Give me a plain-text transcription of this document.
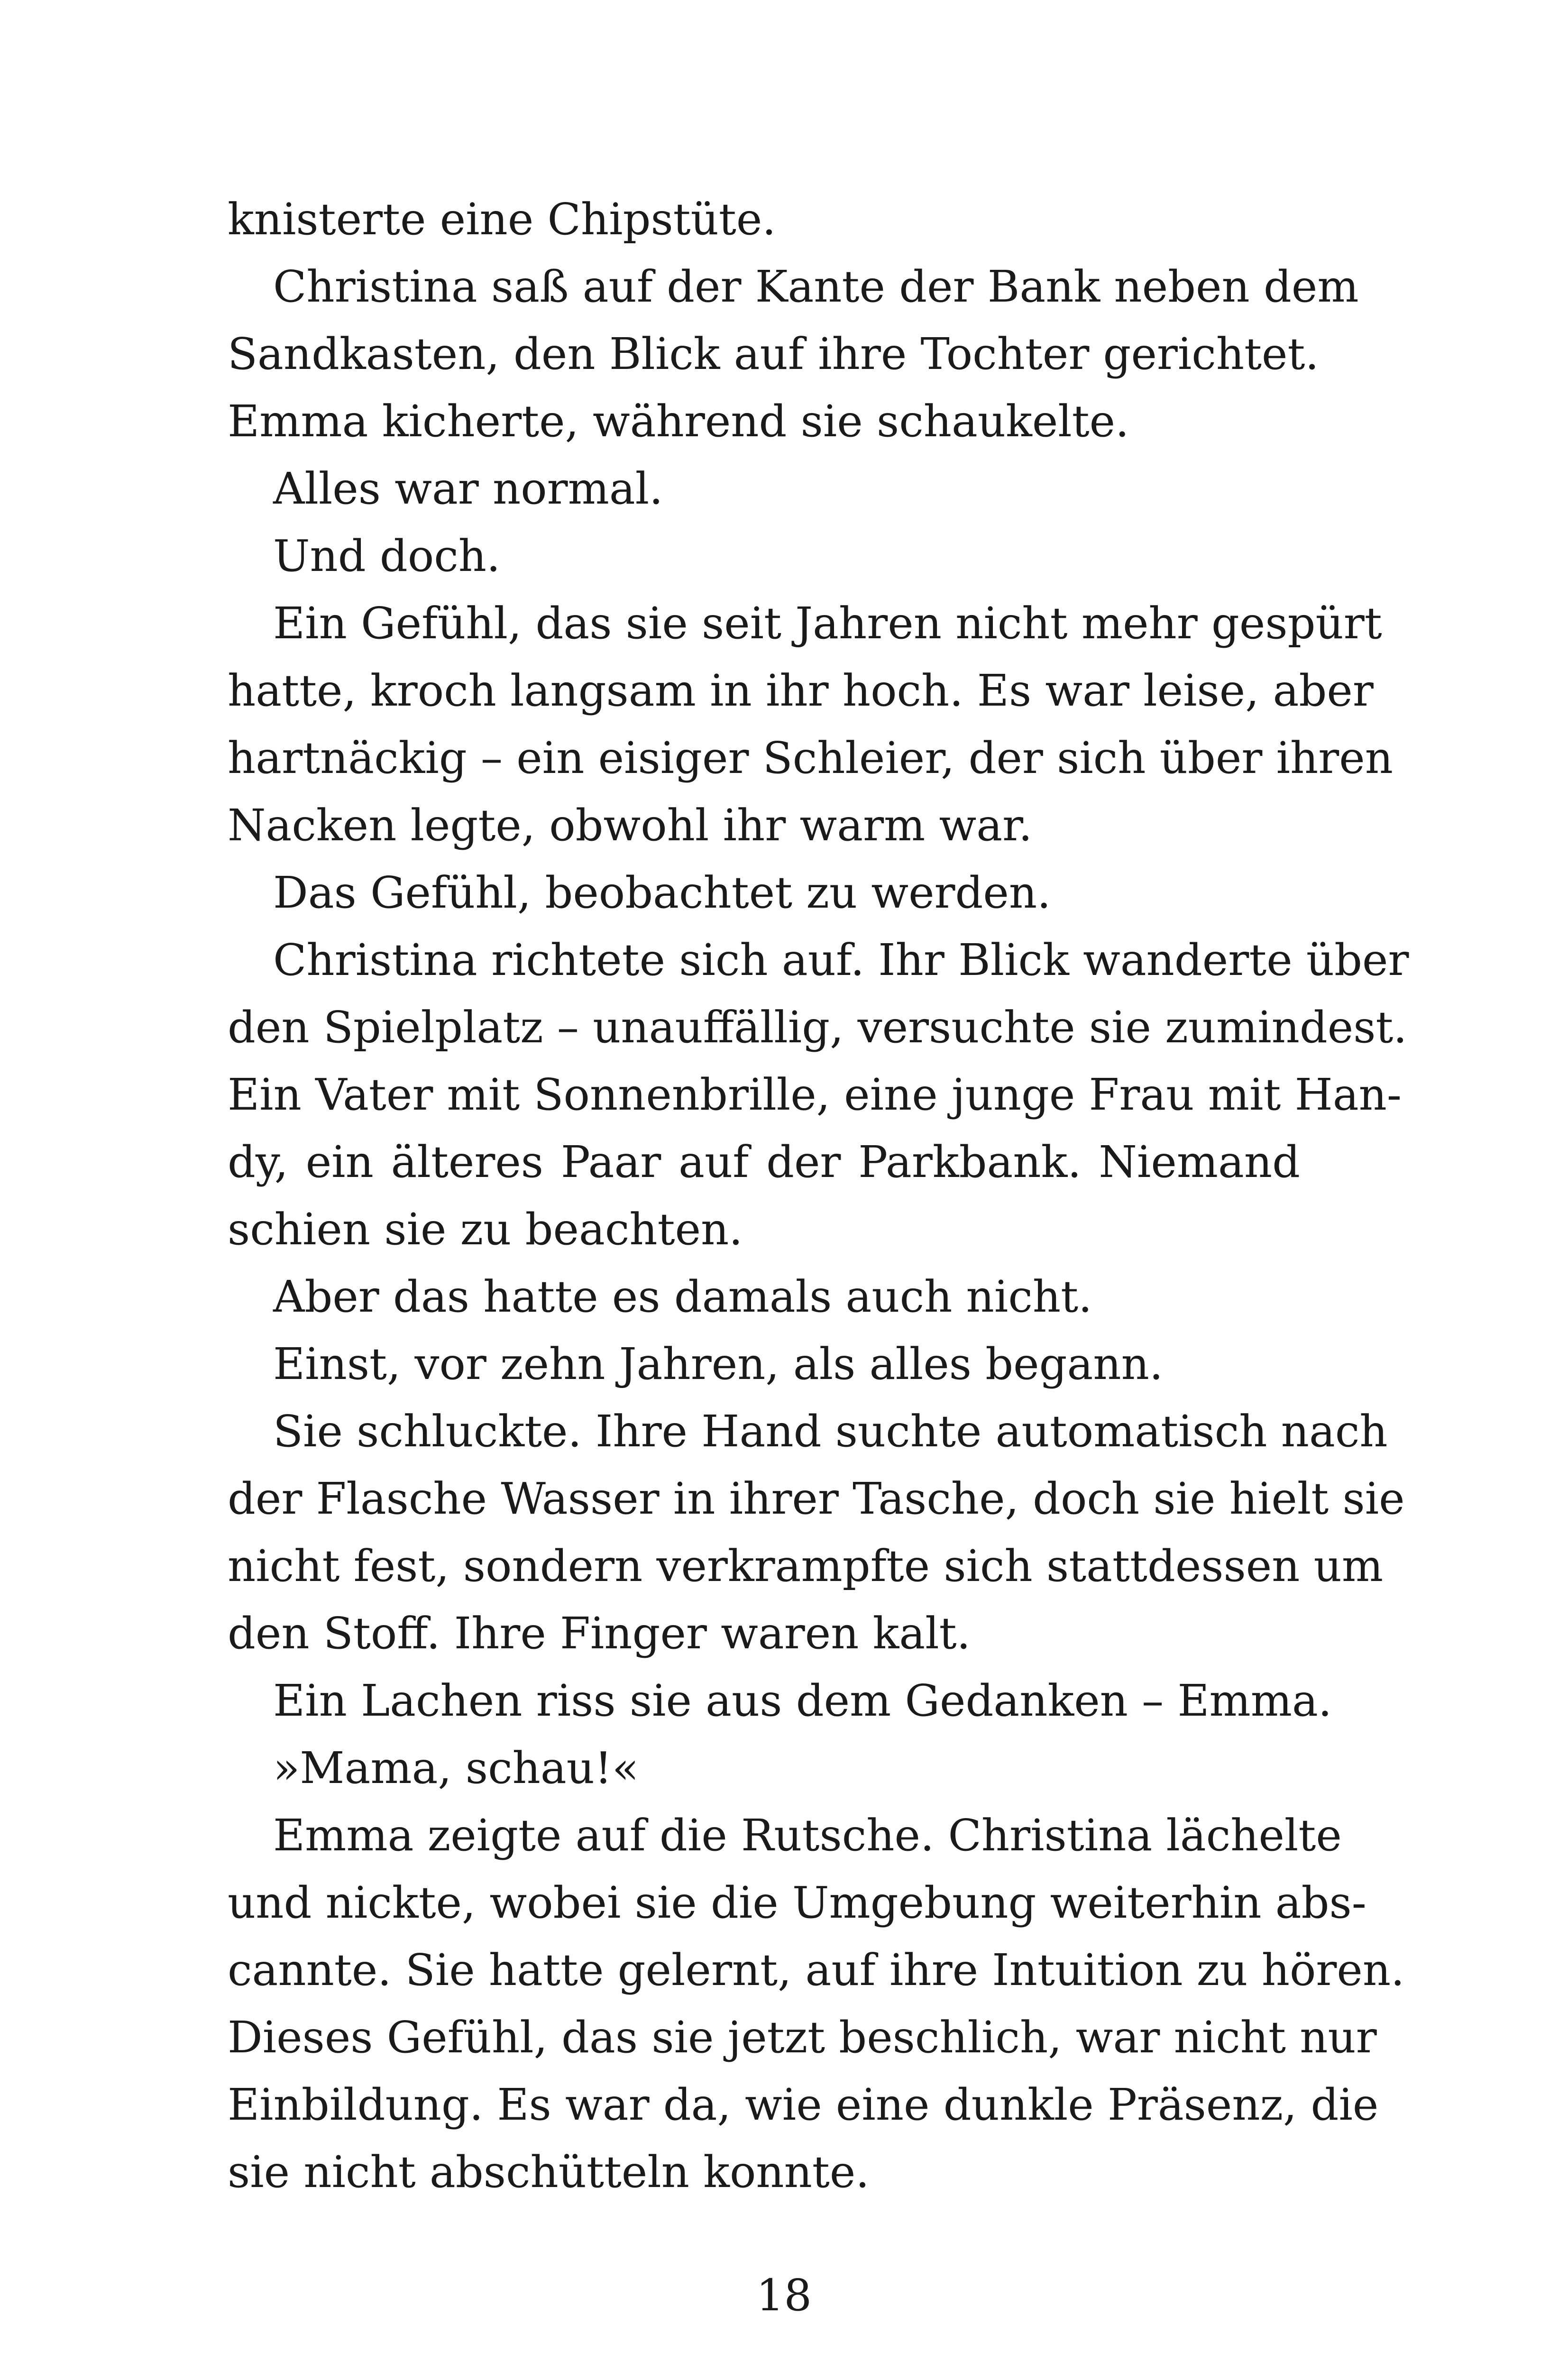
knisterte eine Chipstüte.
Christina saß auf der Kante der Bank neben dem
Sandkasten, den Blick auf ihre Tochter gerichtet.
Emma kicherte, während sie schaukelte.
Alles war normal.
Und doch.
Ein Gefühl, das sie seit Jahren nicht mehr gespürt
hatte, kroch langsam in ihr hoch. Es war leise, aber
hartnäckig – ein eisiger Schleier, der sich über ihren
Nacken legte, obwohl ihr warm war.
Das Gefühl, beobachtet zu werden.
Christina richtete sich auf. Ihr Blick wanderte über
den Spielplatz – unauffällig, versuchte sie zumindest.
Ein Vater mit Sonnenbrille, eine junge Frau mit Han-
dy, ein älteres Paar auf der Parkbank. Niemand
schien sie zu beachten.
Aber das hatte es damals auch nicht.
Einst, vor zehn Jahren, als alles begann.
Sie schluckte. Ihre Hand suchte automatisch nach
der Flasche Wasser in ihrer Tasche, doch sie hielt sie
nicht fest, sondern verkrampfte sich stattdessen um
den Stoff. Ihre Finger waren kalt.
Ein Lachen riss sie aus dem Gedanken – Emma.
»Mama, schau!«
Emma zeigte auf die Rutsche. Christina lächelte
und nickte, wobei sie die Umgebung weiterhin abs-
cannte. Sie hatte gelernt, auf ihre Intuition zu hören.
Dieses Gefühl, das sie jetzt beschlich, war nicht nur
Einbildung. Es war da, wie eine dunkle Präsenz, die
sie nicht abschütteln konnte.
18
